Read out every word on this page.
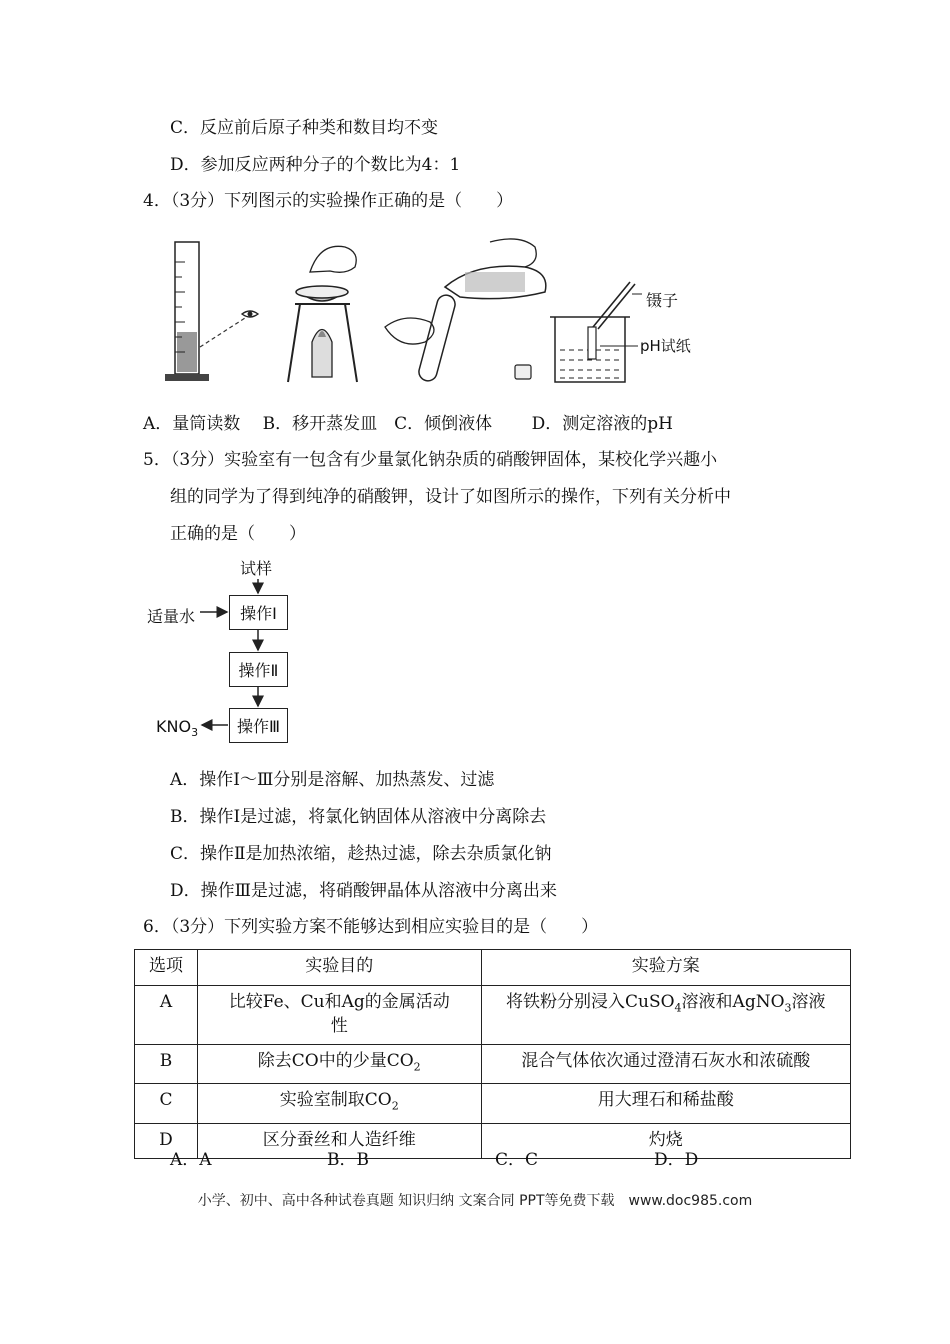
C．反应前后原子种类和数目均不变
D．参加反应两种分子的个数比为4：1
4．（3分）下列图示的实验操作正确的是（　　）
镊子
pH试纸
A．量筒读数　 B．移开蒸发皿　C．倾倒液体　　 D．测定溶液的pH
5．（3分）实验室有一包含有少量氯化钠杂质的硝酸钾固体，某校化学兴趣小
组的同学为了得到纯净的硝酸钾，设计了如图所示的操作，下列有关分析中
正确的是（　　）
试样
适量水	操作Ⅰ
操作Ⅱ
操作Ⅲ
$KNO_3$
A．操作Ⅰ～Ⅲ分别是溶解、加热蒸发、过滤
B．操作Ⅰ是过滤，将氯化钠固体从溶液中分离除去
C．操作Ⅱ是加热浓缩，趁热过滤，除去杂质氯化钠
D．操作Ⅲ是过滤，将硝酸钾晶体从溶液中分离出来
6．（3分）下列实验方案不能够达到相应实验目的是（　　）
选项	实验目的	实验方案
A	比较Fe、Cu和Ag的金属活动性	将铁粉分别浸入CuSO$_4$溶液和AgNO$_3$溶液
B	除去CO中的少量$CO_2$	混合气体依次通过澄清石灰水和浓硫酸
C	实验室制取$CO_2$	用大理石和稀盐酸
D	区分蚕丝和人造纤维	灼烧
A．A	B．B	C．C	D．D
小学、初中、高中各种试卷真题 知识归纳 文案合同 PPT等免费下载　www.doc985.com
